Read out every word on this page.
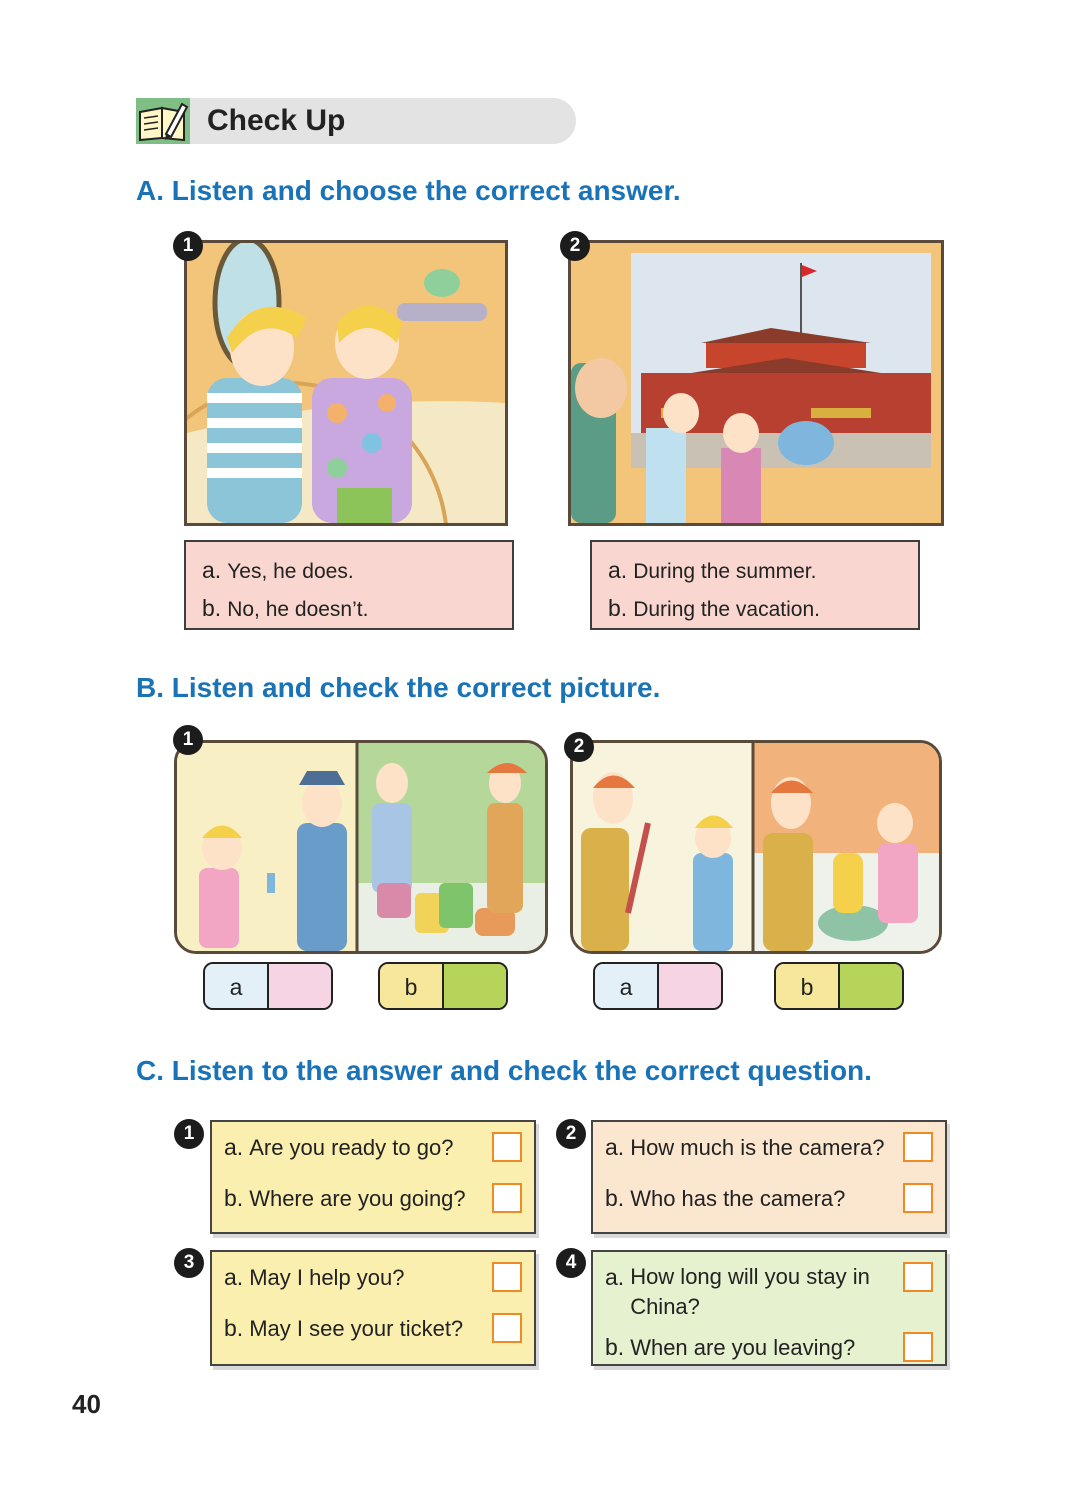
Check Up
A. Listen and choose the correct answer.
1	2
a. Yes, he does.
b. No, he doesn’t.
a. During the summer.
b. During the vacation.
B. Listen and check the correct picture.
1	2
a	b	a	b
C. Listen to the answer and check the correct question.
a. Are you ready to go?
b. Where are you going?
1
a. How much is the camera?
b. Who has the camera?
2
a. May I help you?
b. May I see your ticket?
3
a. How long will you stay in China?
b. When are you leaving?
4
40
